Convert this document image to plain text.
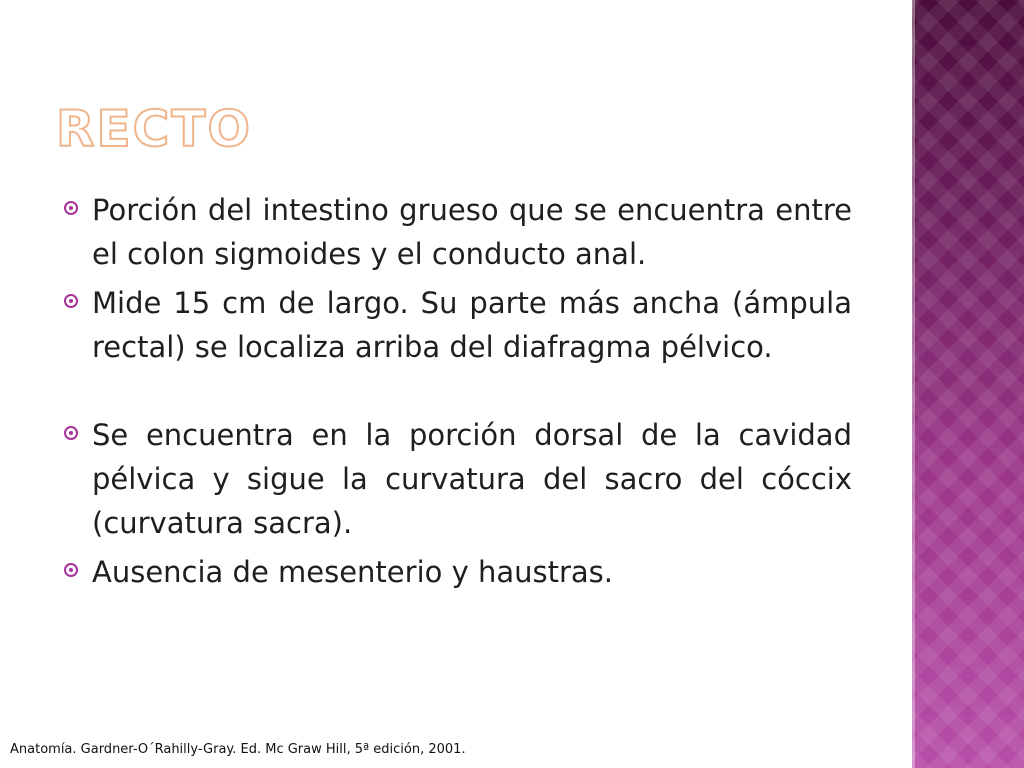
RECTO
Porción del intestino grueso que se encuentra entre el colon sigmoides y el conducto anal.
Mide 15 cm de largo. Su parte más ancha (ámpula rectal) se localiza arriba del diafragma pélvico.
Se encuentra en la porción dorsal de la cavidad pélvica y sigue la curvatura del sacro del cóccix (curvatura sacra).
Ausencia de mesenterio y haustras.
Anatomía. Gardner-O´Rahilly-Gray. Ed. Mc Graw Hill, 5ª edición, 2001.
